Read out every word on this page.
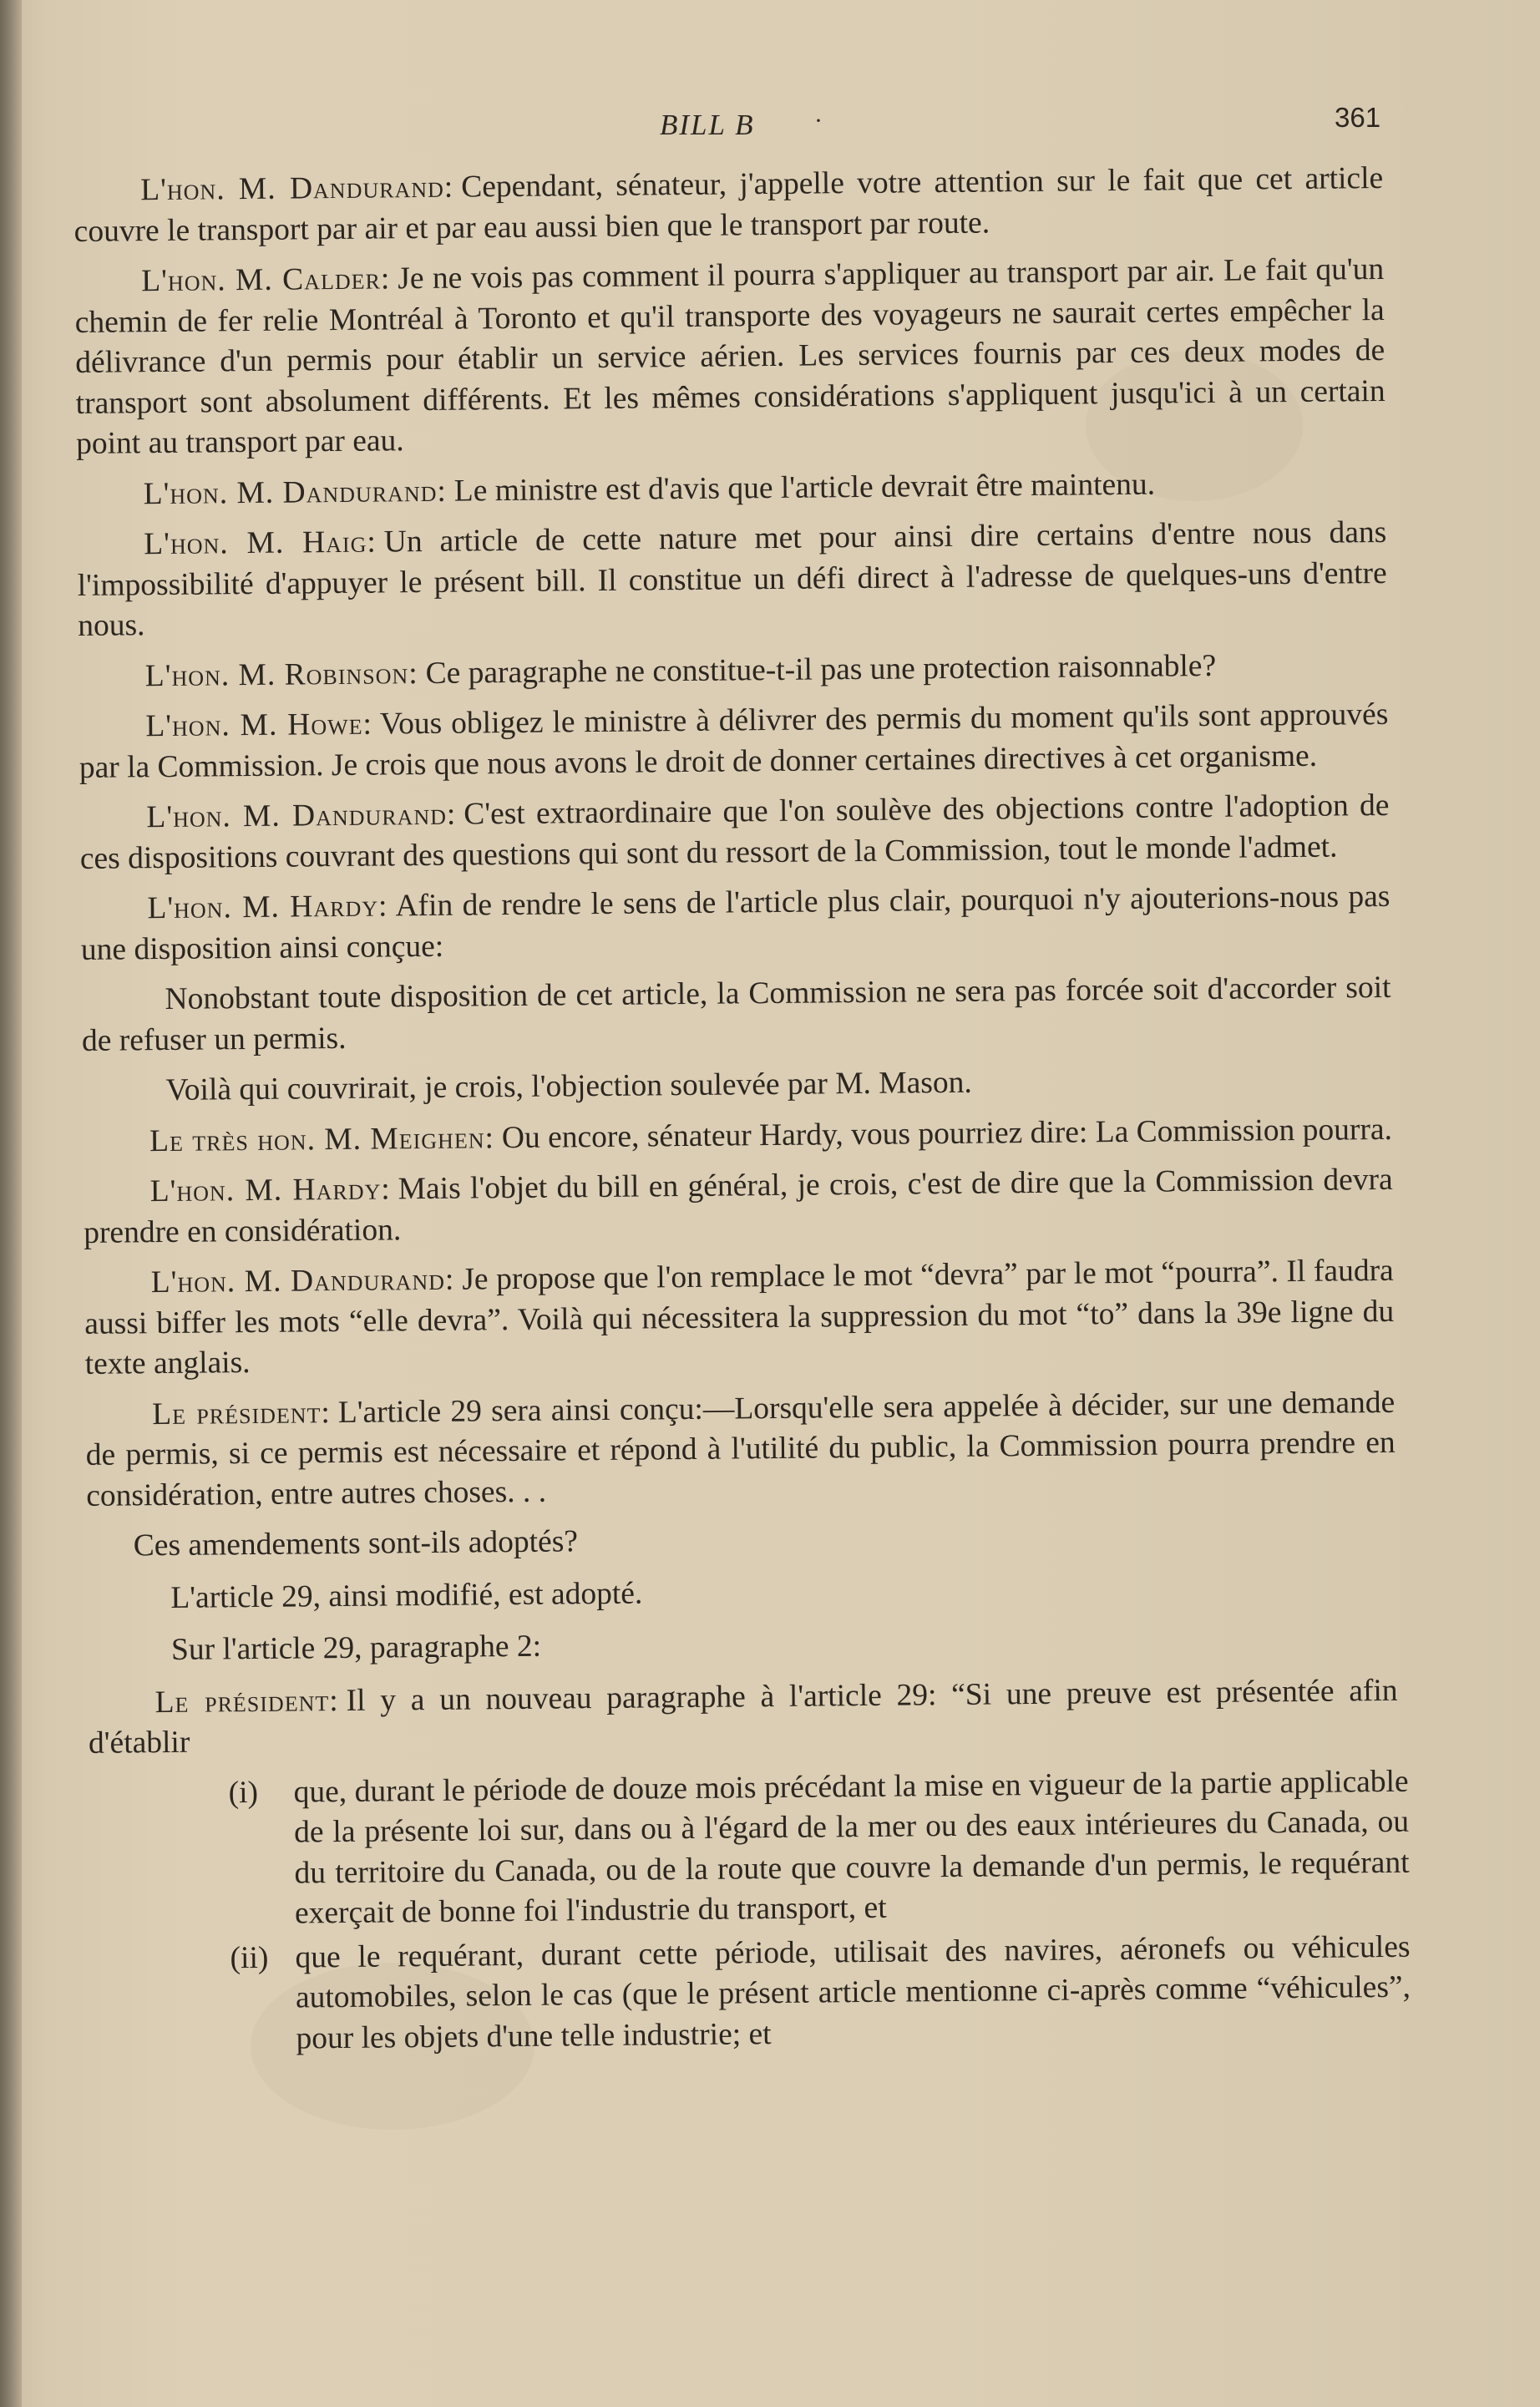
BILL B ·	361

L'hon. M. Dandurand: Cependant, sénateur, j'appelle votre attention sur le fait que cet article couvre le transport par air et par eau aussi bien que le transport par route.

L'hon. M. Calder: Je ne vois pas comment il pourra s'appliquer au transport par air. Le fait qu'un chemin de fer relie Montréal à Toronto et qu'il transporte des voyageurs ne saurait certes empêcher la délivrance d'un permis pour établir un service aérien. Les services fournis par ces deux modes de transport sont absolument différents. Et les mêmes considérations s'appliquent jusqu'ici à un certain point au transport par eau.

L'hon. M. Dandurand: Le ministre est d'avis que l'article devrait être maintenu.

L'hon. M. Haig: Un article de cette nature met pour ainsi dire certains d'entre nous dans l'impossibilité d'appuyer le présent bill. Il constitue un défi direct à l'adresse de quelques-uns d'entre nous.

L'hon. M. Robinson: Ce paragraphe ne constitue-t-il pas une protection raisonnable?

L'hon. M. Howe: Vous obligez le ministre à délivrer des permis du moment qu'ils sont approuvés par la Commission. Je crois que nous avons le droit de donner certaines directives à cet organisme.

L'hon. M. Dandurand: C'est extraordinaire que l'on soulève des objections contre l'adoption de ces dispositions couvrant des questions qui sont du ressort de la Commission, tout le monde l'admet.

L'hon. M. Hardy: Afin de rendre le sens de l'article plus clair, pourquoi n'y ajouterions-nous pas une disposition ainsi conçue:

Nonobstant toute disposition de cet article, la Commission ne sera pas forcée soit d'accorder soit de refuser un permis.

Voilà qui couvrirait, je crois, l'objection soulevée par M. Mason.

Le très hon. M. Meighen: Ou encore, sénateur Hardy, vous pourriez dire: La Commission pourra.

L'hon. M. Hardy: Mais l'objet du bill en général, je crois, c'est de dire que la Commission devra prendre en considération.

L'hon. M. Dandurand: Je propose que l'on remplace le mot “devra” par le mot “pourra”. Il faudra aussi biffer les mots “elle devra”. Voilà qui nécessitera la suppression du mot “to” dans la 39e ligne du texte anglais.

Le président: L'article 29 sera ainsi conçu:—Lorsqu'elle sera appelée à décider, sur une demande de permis, si ce permis est nécessaire et répond à l'utilité du public, la Commission pourra prendre en considération, entre autres choses. . .

Ces amendements sont-ils adoptés?

L'article 29, ainsi modifié, est adopté.

Sur l'article 29, paragraphe 2:

Le président: Il y a un nouveau paragraphe à l'article 29: “Si une preuve est présentée afin d'établir

(i) que, durant le période de douze mois précédant la mise en vigueur de la partie applicable de la présente loi sur, dans ou à l'égard de la mer ou des eaux intérieures du Canada, ou du territoire du Canada, ou de la route que couvre la demande d'un permis, le requérant exerçait de bonne foi l'industrie du transport, et
(ii) que le requérant, durant cette période, utilisait des navires, aéronefs ou véhicules automobiles, selon le cas (que le présent article mentionne ci-après comme “véhicules”, pour les objets d'une telle industrie; et
